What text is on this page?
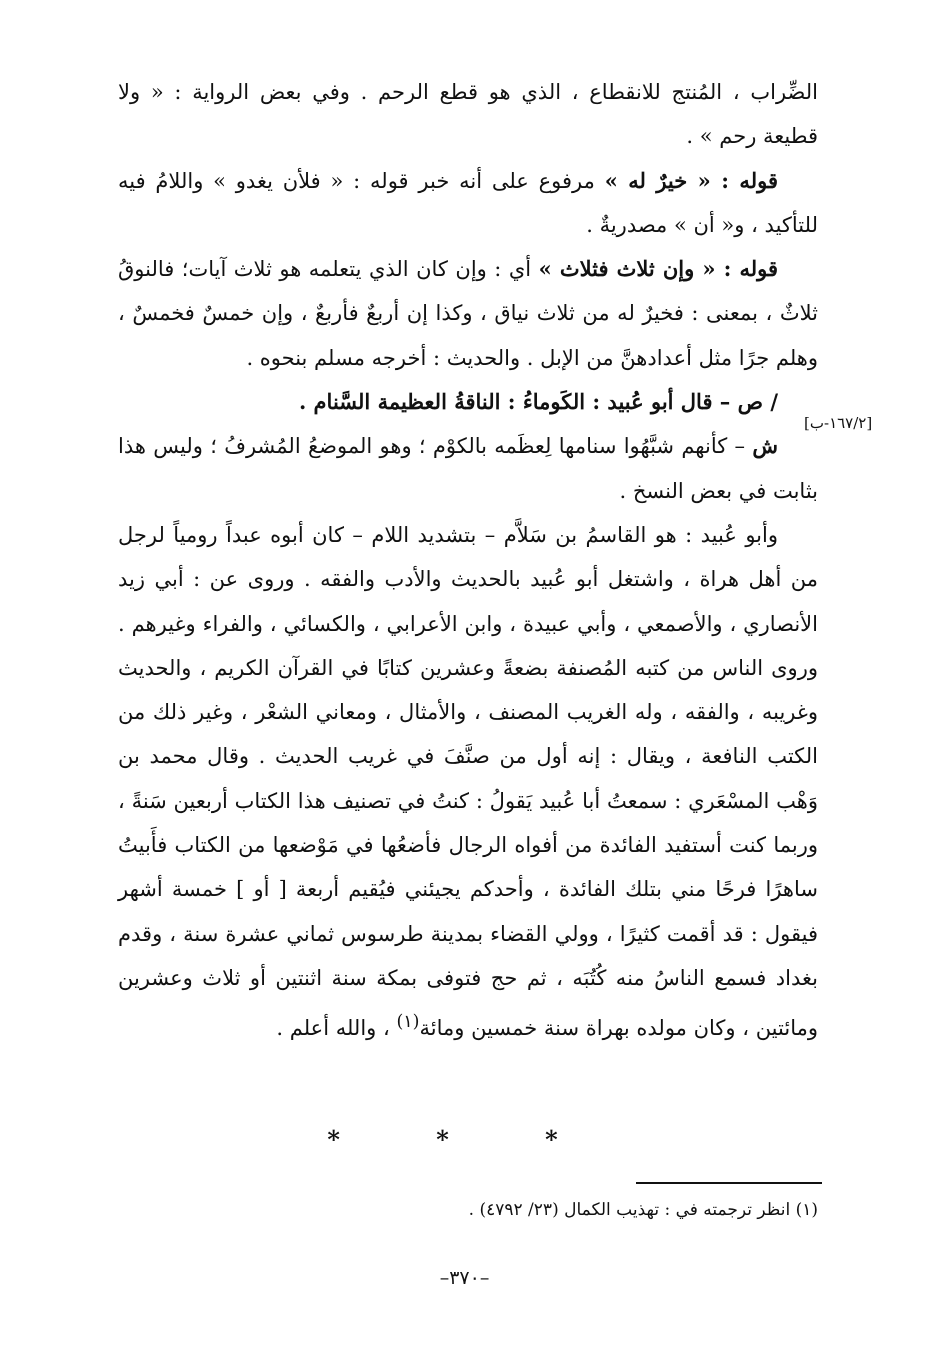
[١٦٧/٢-ب]

الضِّراب ، المُنتج للانقطاع ، الذي هو قطع الرحم . وفي بعض الرواية : « ولا قطيعة رحم » .

قوله : « خيرٌ له » مرفوع على أنه خبر قوله : « فلأن يغدو » واللامُ فيه للتأكيد ، و« أن » مصدريةٌ .

قوله : « وإن ثلاث فثلاث » أي : وإن كان الذي يتعلمه هو ثلاث آيات؛ فالنوقُ ثلاثٌ ، بمعنى : فخيرٌ له من ثلاث نياق ، وكذا إن أربعٌ فأربعٌ ، وإن خمسٌ فخمسٌ ، وهلم جرًا مثل أعدادهنَّ من الإبل . والحديث : أخرجه مسلم بنحوه .

/ ص – قال أبو عُبيد : الكَوماءُ : الناقةُ العظيمة السَّنام .

ش – كأنهم شبَّهُوا سنامها لِعظَمه بالكوْم ؛ وهو الموضعُ المُشرفُ ؛ وليس هذا بثابت في بعض النسخ .

وأبو عُبيد : هو القاسمُ بن سَلاَّم – بتشديد اللام – كان أبوه عبداً رومياً لرجل من أهل هراة ، واشتغل أبو عُبيد بالحديث والأدب والفقه . وروى عن : أبي زيد الأنصاري ، والأصمعي ، وأبي عبيدة ، وابن الأعرابي ، والكسائي ، والفراء وغيرهم . وروى الناس من كتبه المُصنفة بضعةً وعشرين كتابًا في القرآن الكريم ، والحديث وغريبه ، والفقه ، وله الغريب المصنف ، والأمثال ، ومعاني الشعْر ، وغير ذلك من الكتب النافعة ، ويقال : إنه أول من صنَّفَ في غريب الحديث . وقال محمد بن وَهْب المسْعَري : سمعتُ أبا عُبيد يَقولُ : كنتُ في تصنيف هذا الكتاب أربعين سَنةً ، وربما كنت أستفيد الفائدة من أفواه الرجال فأضعُها في مَوْضعها من الكتاب فأَبيتُ ساهرًا فرحًا مني بتلك الفائدة ، وأحدكم يجيئني فيُقيم أربعة [ أو ] خمسة أشهر فيقول : قد أقمت كثيرًا ، وولي القضاء بمدينة طرسوس ثماني عشرة سنة ، وقدم بغداد فسمع الناسُ منه كُتُبَه ، ثم حج فتوفى بمكة سنة اثنتين أو ثلاث وعشرين ومائتين ، وكان مولده بهراة سنة خمسين ومائة$^{(١)}$ ، والله أعلم .

* * *
(١) انظر ترجمته في : تهذيب الكمال (٢٣/ ٤٧٩٢) .
–٣٧٠–
